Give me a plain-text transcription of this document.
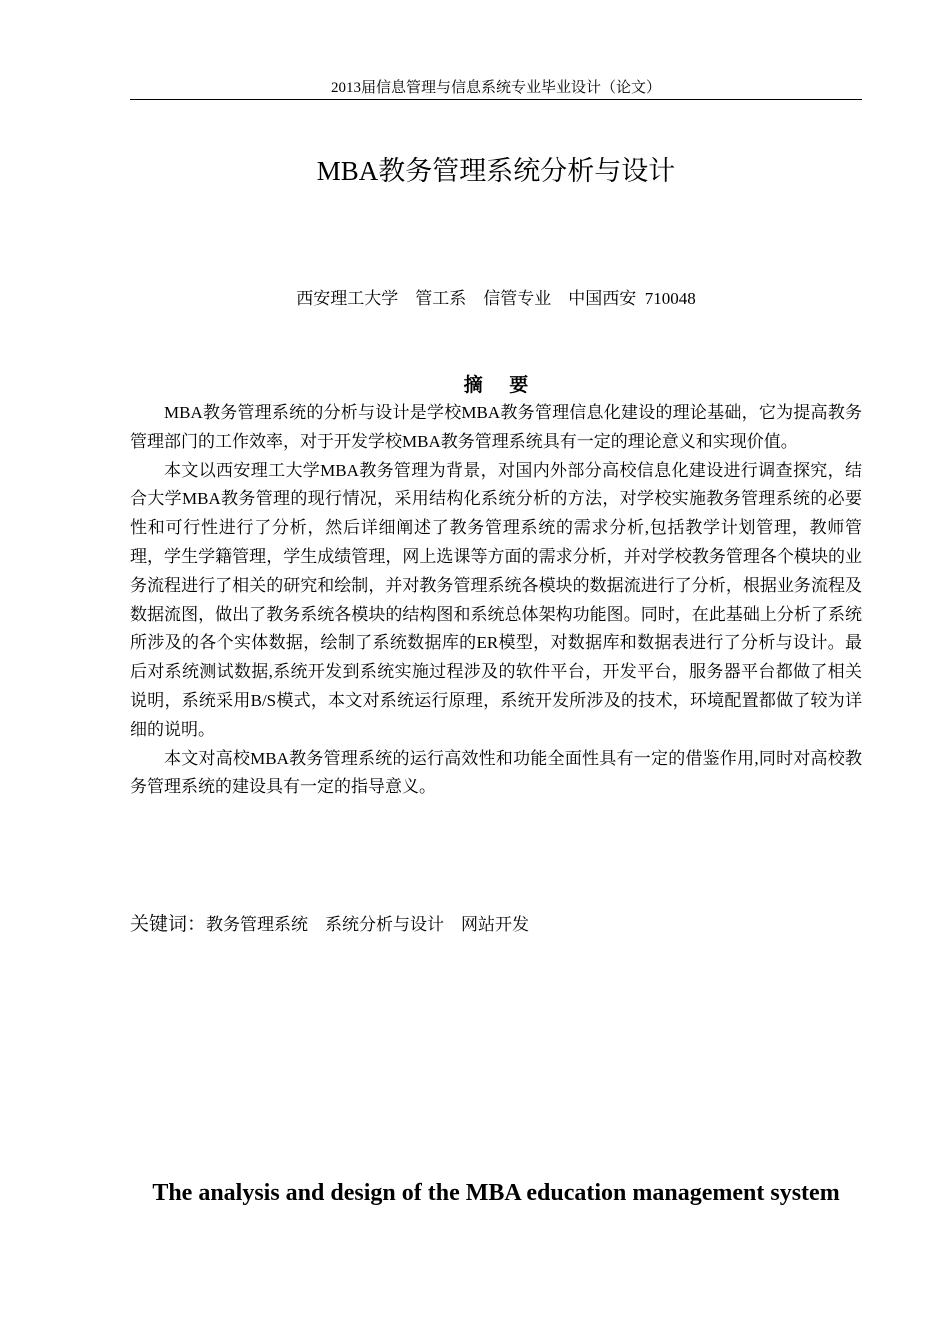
2013届信息管理与信息系统专业毕业设计（论文）
MBA教务管理系统分析与设计
西安理工大学    管工系    信管专业    中国西安  710048
摘    要

MBA教务管理系统的分析与设计是学校MBA教务管理信息化建设的理论基础，它为提高教务管理部门的工作效率，对于开发学校MBA教务管理系统具有一定的理论意义和实现价值。

本文以西安理工大学MBA教务管理为背景，对国内外部分高校信息化建设进行调查探究，结合大学MBA教务管理的现行情况，采用结构化系统分析的方法，对学校实施教务管理系统的必要性和可行性进行了分析，然后详细阐述了教务管理系统的需求分析,包括教学计划管理，教师管理，学生学籍管理，学生成绩管理，网上选课等方面的需求分析，并对学校教务管理各个模块的业务流程进行了相关的研究和绘制，并对教务管理系统各模块的数据流进行了分析，根据业务流程及数据流图，做出了教务系统各模块的结构图和系统总体架构功能图。同时，在此基础上分析了系统所涉及的各个实体数据，绘制了系统数据库的ER模型，对数据库和数据表进行了分析与设计。最后对系统测试数据,系统开发到系统实施过程涉及的软件平台，开发平台，服务器平台都做了相关说明，系统采用B/S模式，本文对系统运行原理，系统开发所涉及的技术，环境配置都做了较为详细的说明。

本文对高校MBA教务管理系统的运行高效性和功能全面性具有一定的借鉴作用,同时对高校教务管理系统的建设具有一定的指导意义。

关键词：教务管理系统    系统分析与设计    网站开发
The analysis and design of the MBA education management system
